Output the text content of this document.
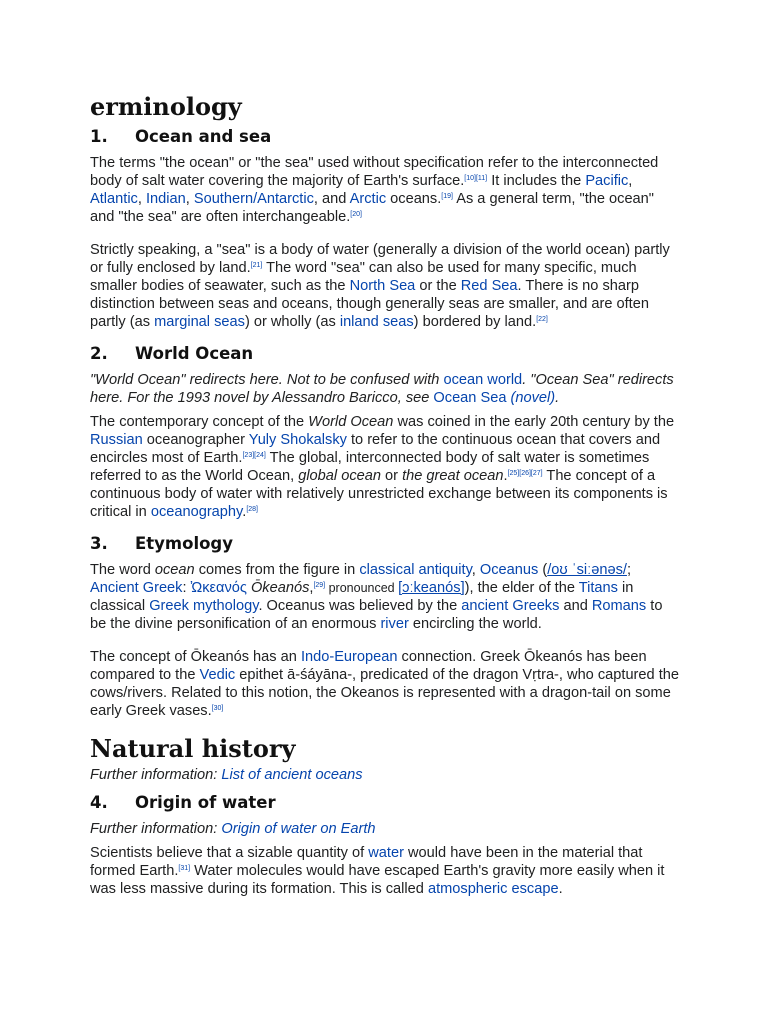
erminology
1. Ocean and sea

The terms "the ocean" or "the sea" used without specification refer to the interconnected body of salt water covering the majority of Earth's surface.[10][11] It includes the Pacific, Atlantic, Indian, Southern/Antarctic, and Arctic oceans.[19] As a general term, "the ocean" and "the sea" are often interchangeable.[20]

Strictly speaking, a "sea" is a body of water (generally a division of the world ocean) partly or fully enclosed by land.[21] The word "sea" can also be used for many specific, much smaller bodies of seawater, such as the North Sea or the Red Sea. There is no sharp distinction between seas and oceans, though generally seas are smaller, and are often partly (as marginal seas) or wholly (as inland seas) bordered by land.[22]

2. World Ocean

"World Ocean" redirects here. Not to be confused with ocean world. "Ocean Sea" redirects here. For the 1993 novel by Alessandro Baricco, see Ocean Sea (novel).

The contemporary concept of the World Ocean was coined in the early 20th century by the Russian oceanographer Yuly Shokalsky to refer to the continuous ocean that covers and encircles most of Earth.[23][24] The global, interconnected body of salt water is sometimes referred to as the World Ocean, global ocean or the great ocean.[25][26][27] The concept of a continuous body of water with relatively unrestricted exchange between its components is critical in oceanography.[28]

3. Etymology

The word ocean comes from the figure in classical antiquity, Oceanus (/oʊ ˈsiːənəs/; Ancient Greek: Ὠκεανός Ōkeanós,[29] pronounced [ɔːkeanós]), the elder of the Titans in classical Greek mythology. Oceanus was believed by the ancient Greeks and Romans to be the divine personification of an enormous river encircling the world.

The concept of Ōkeanós has an Indo-European connection. Greek Ōkeanós has been compared to the Vedic epithet ā-śáyāna-, predicated of the dragon Vṛtra-, who captured the cows/rivers. Related to this notion, the Okeanos is represented with a dragon-tail on some early Greek vases.[30]

Natural history

Further information: List of ancient oceans

4. Origin of water

Further information: Origin of water on Earth

Scientists believe that a sizable quantity of water would have been in the material that formed Earth.[31] Water molecules would have escaped Earth's gravity more easily when it was less massive during its formation. This is called atmospheric escape.
